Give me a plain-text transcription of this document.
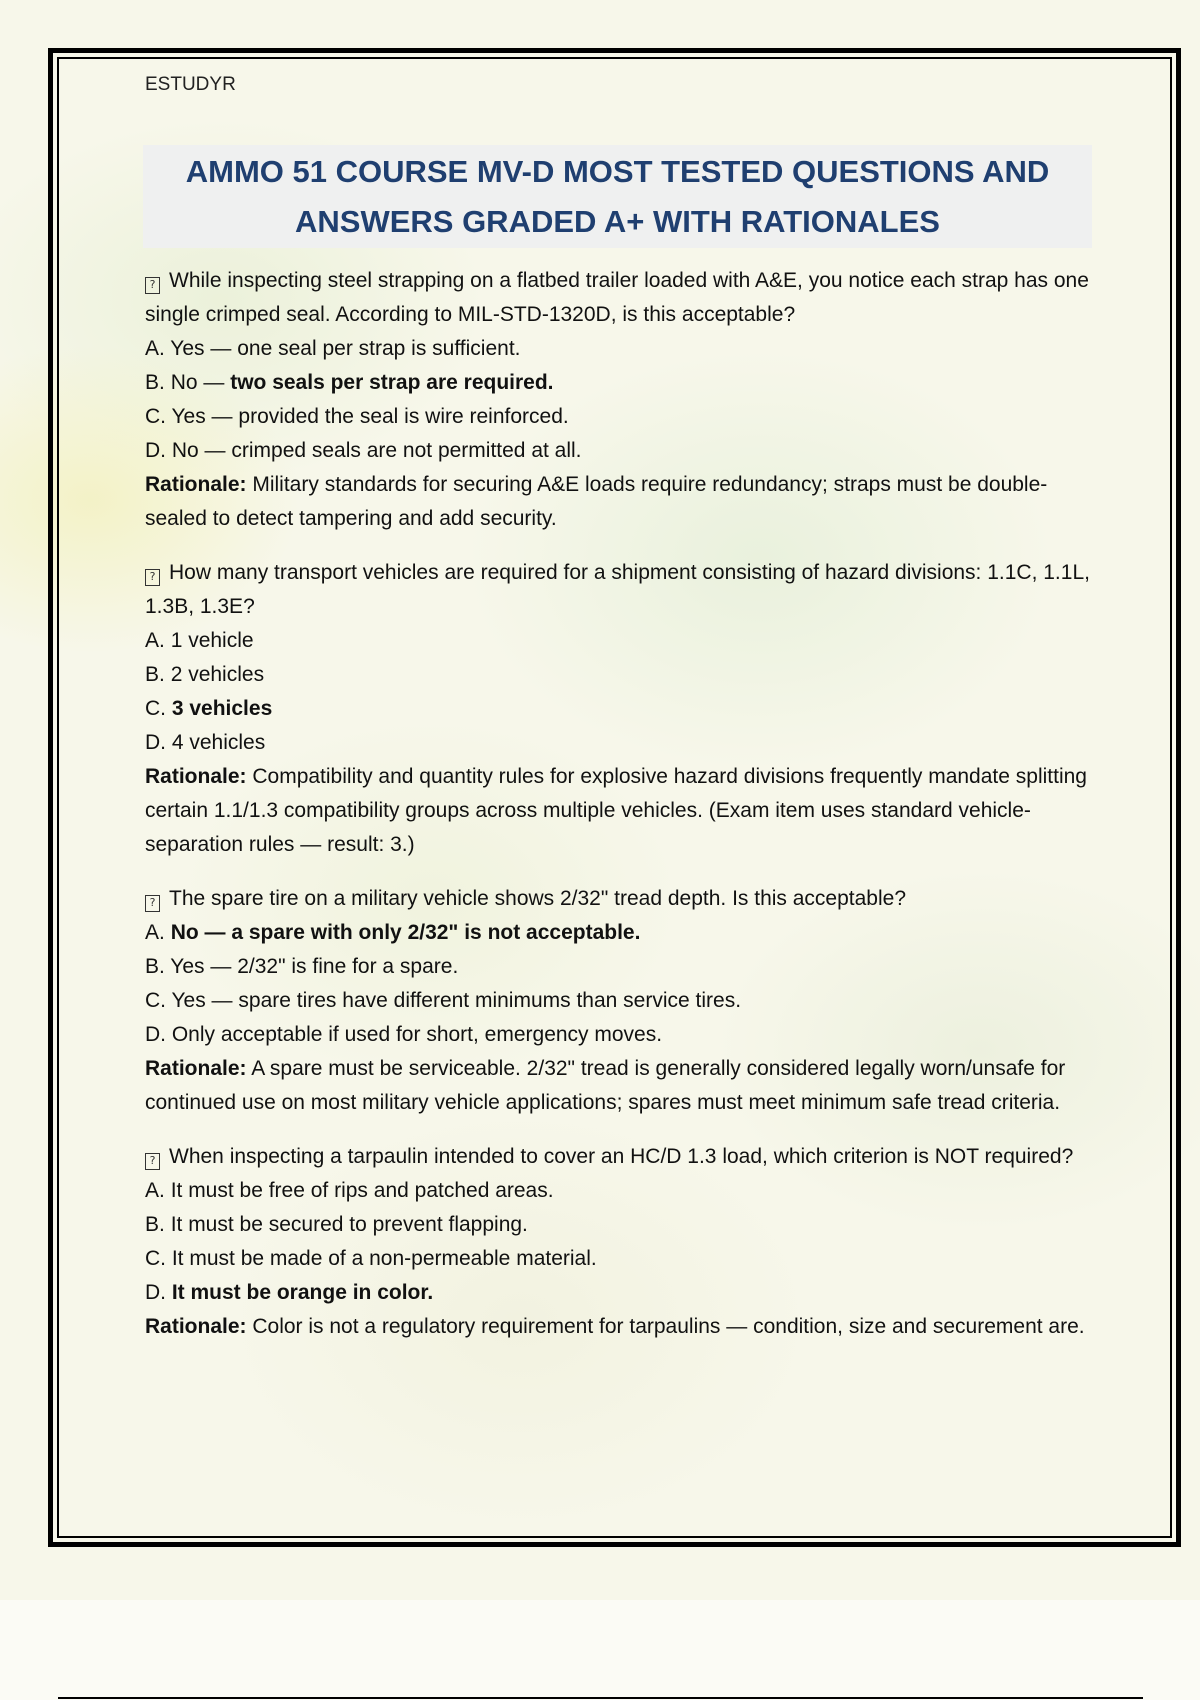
ESTUDYR
AMMO 51 COURSE MV-D MOST TESTED QUESTIONS AND
ANSWERS GRADED A+ WITH RATIONALES

? While inspecting steel strapping on a flatbed trailer loaded with A&E, you notice each strap has one single crimped seal. According to MIL-STD-1320D, is this acceptable?

A. Yes — one seal per strap is sufficient.

B. No — two seals per strap are required.

C. Yes — provided the seal is wire reinforced.

D. No — crimped seals are not permitted at all.

Rationale: Military standards for securing A&E loads require redundancy; straps must be double-sealed to detect tampering and add security.

? How many transport vehicles are required for a shipment consisting of hazard divisions: 1.1C, 1.1L, 1.3B, 1.3E?

A. 1 vehicle

B. 2 vehicles

C. 3 vehicles

D. 4 vehicles

Rationale: Compatibility and quantity rules for explosive hazard divisions frequently mandate splitting certain 1.1/1.3 compatibility groups across multiple vehicles. (Exam item uses standard vehicle-separation rules — result: 3.)

? The spare tire on a military vehicle shows 2/32" tread depth. Is this acceptable?

A. No — a spare with only 2/32" is not acceptable.

B. Yes — 2/32" is fine for a spare.

C. Yes — spare tires have different minimums than service tires.

D. Only acceptable if used for short, emergency moves.

Rationale: A spare must be serviceable. 2/32" tread is generally considered legally worn/unsafe for continued use on most military vehicle applications; spares must meet minimum safe tread criteria.

? When inspecting a tarpaulin intended to cover an HC/D 1.3 load, which criterion is NOT required?

A. It must be free of rips and patched areas.

B. It must be secured to prevent flapping.

C. It must be made of a non-permeable material.

D. It must be orange in color.

Rationale: Color is not a regulatory requirement for tarpaulins — condition, size and securement are.
